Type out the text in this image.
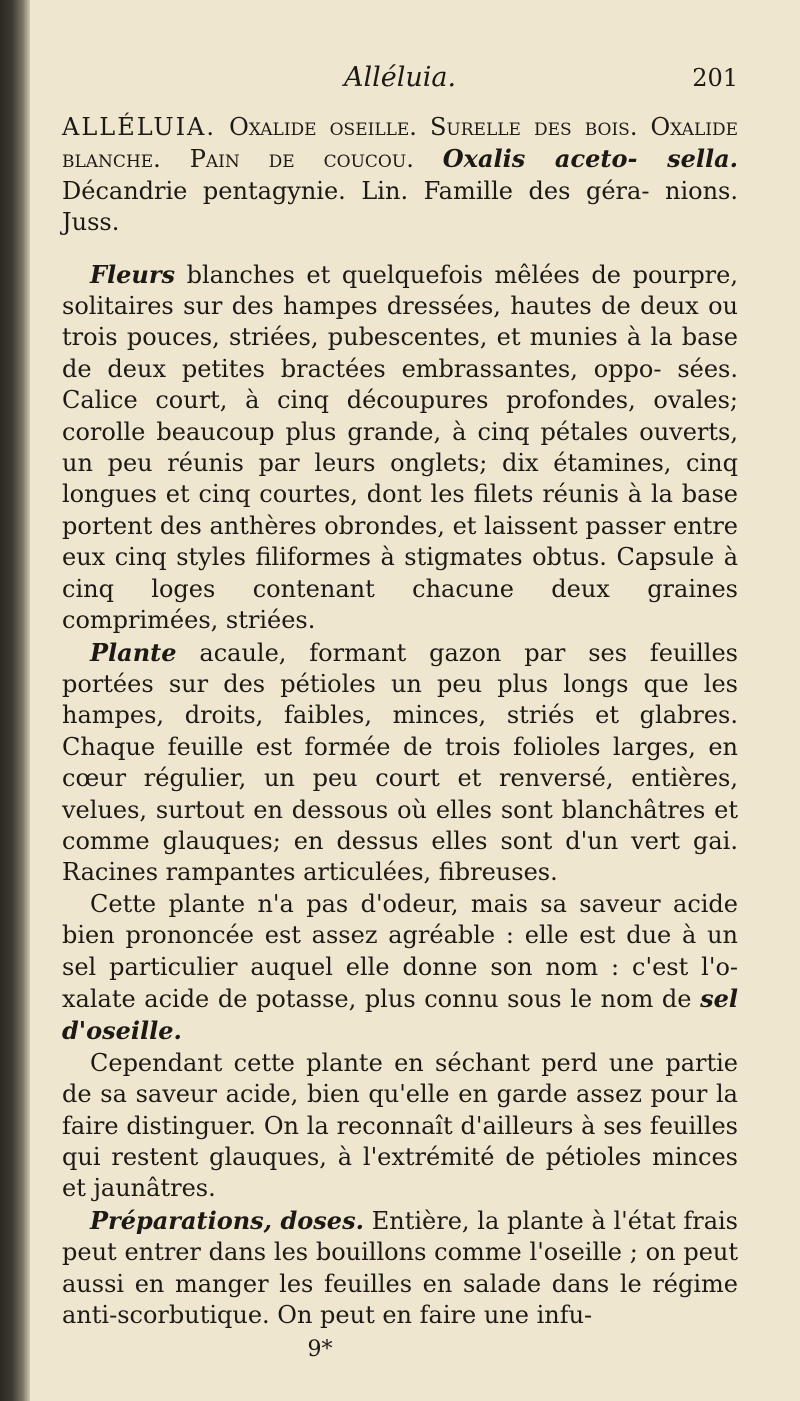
Alléluia.	201

ALLÉLUIA. Oxalide oseille. Surelle des bois. Oxalide blanche. Pain de coucou. Oxalis aceto- sella. Décandrie pentagynie. Lin. Famille des géra- nions. Juss.

Fleurs blanches et quelquefois mêlées de pourpre, solitaires sur des hampes dressées, hautes de deux ou trois pouces, striées, pubescentes, et munies à la base de deux petites bractées embrassantes, oppo- sées. Calice court, à cinq découpures profondes, ovales; corolle beaucoup plus grande, à cinq pétales ouverts, un peu réunis par leurs onglets; dix étamines, cinq longues et cinq courtes, dont les filets réunis à la base portent des anthères obrondes, et laissent passer entre eux cinq styles filiformes à stigmates obtus. Capsule à cinq loges contenant chacune deux graines comprimées, striées.

Plante acaule, formant gazon par ses feuilles portées sur des pétioles un peu plus longs que les hampes, droits, faibles, minces, striés et glabres. Chaque feuille est formée de trois folioles larges, en cœur régulier, un peu court et renversé, entières, velues, surtout en dessous où elles sont blanchâtres et comme glauques; en dessus elles sont d'un vert gai. Racines rampantes articulées, fibreuses.

Cette plante n'a pas d'odeur, mais sa saveur acide bien prononcée est assez agréable : elle est due à un sel particulier auquel elle donne son nom : c'est l'o- xalate acide de potasse, plus connu sous le nom de sel d'oseille.

Cependant cette plante en séchant perd une partie de sa saveur acide, bien qu'elle en garde assez pour la faire distinguer. On la reconnaît d'ailleurs à ses feuilles qui restent glauques, à l'extrémité de pétioles minces et jaunâtres.

Préparations, doses. Entière, la plante à l'état frais peut entrer dans les bouillons comme l'oseille ; on peut aussi en manger les feuilles en salade dans le régime anti-scorbutique. On peut en faire une infu-

9*
